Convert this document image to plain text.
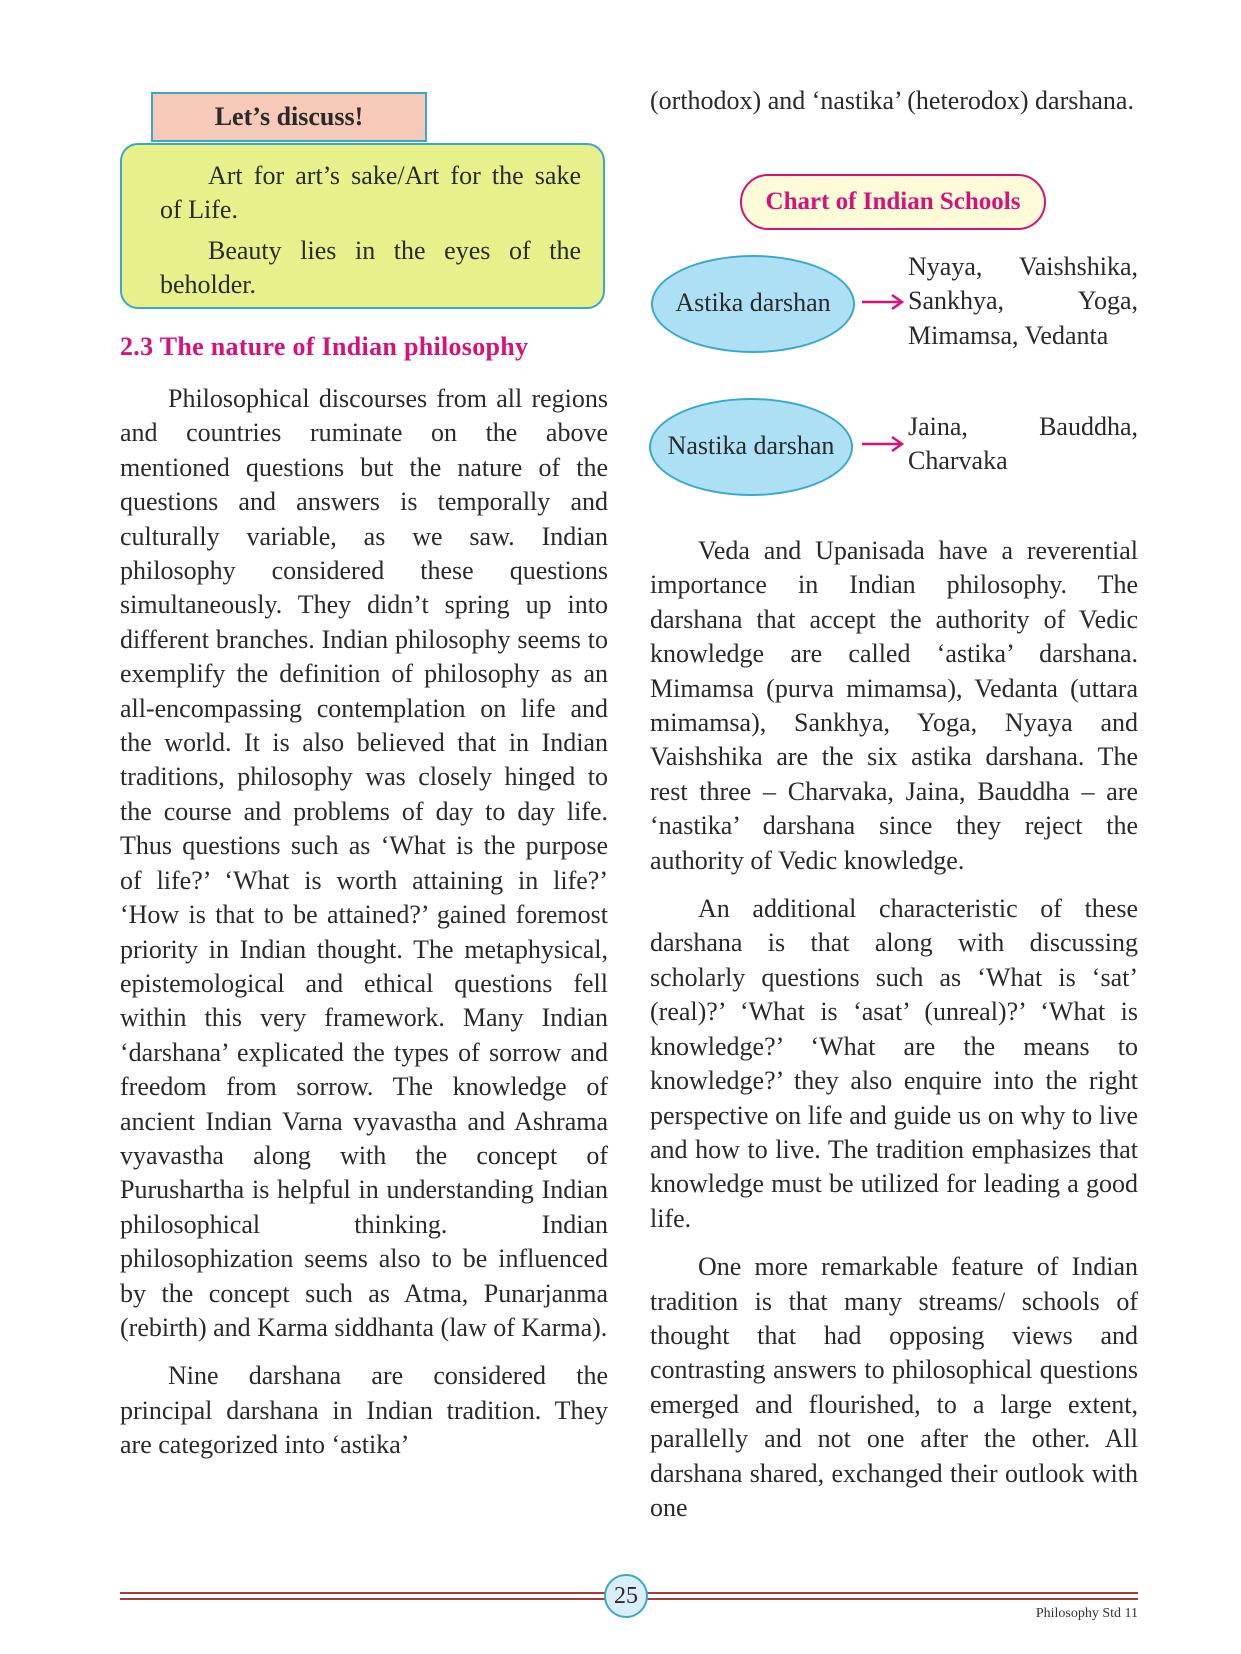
Art for art’s sake/Art for the sake of Life.

Beauty lies in the eyes of the beholder.

Let’s discuss!
2.3 The nature of Indian philosophy

Philosophical discourses from all regions and countries ruminate on the above mentioned questions but the nature of the questions and answers is temporally and culturally variable, as we saw. Indian philosophy considered these questions simultaneously. They didn’t spring up into different branches. Indian philosophy seems to exemplify the definition of philosophy as an all-encompassing contemplation on life and the world. It is also believed that in Indian traditions, philosophy was closely hinged to the course and problems of day to day life. Thus questions such as ‘What is the purpose of life?’ ‘What is worth attaining in life?’ ‘How is that to be attained?’ gained foremost priority in Indian thought. The metaphysical, epistemological and ethical questions fell within this very framework. Many Indian ‘darshana’ explicated the types of sorrow and freedom from sorrow. The knowledge of ancient Indian Varna vyavastha and Ashrama vyavastha along with the concept of Purushartha is helpful in understanding Indian philosophical thinking. Indian philosophization seems also to be influenced by the concept such as Atma, Punarjanma (rebirth) and Karma siddhanta (law of Karma).

Nine darshana are considered the principal darshana in Indian tradition. They are categorized into ‘astika’

(orthodox) and ‘nastika’ (heterodox) darshana.

Chart of Indian Schools
Astika darshan
Nyaya, Vaishshika,
Sankhya,	Yoga,
Mimamsa, Vedanta
Nastika darshan
Jaina,	Bauddha,
Charvaka

Veda and Upanisada have a reverential importance in Indian philosophy. The darshana that accept the authority of Vedic knowledge are called ‘astika’ darshana. Mimamsa (purva mimamsa), Vedanta (uttara mimamsa), Sankhya, Yoga, Nyaya and Vaishshika are the six astika darshana. The rest three – Charvaka, Jaina, Bauddha – are ‘nastika’ darshana since they reject the authority of Vedic knowledge.

An additional characteristic of these darshana is that along with discussing scholarly questions such as ‘What is ‘sat’ (real)?’ ‘What is ‘asat’ (unreal)?’ ‘What is knowledge?’ ‘What are the means to knowledge?’ they also enquire into the right perspective on life and guide us on why to live and how to live. The tradition emphasizes that knowledge must be utilized for leading a good life.

One more remarkable feature of Indian tradition is that many streams/ schools of thought that had opposing views and contrasting answers to philosophical questions emerged and flourished, to a large extent, parallelly and not one after the other. All darshana shared, exchanged their outlook with one

25
Philosophy Std 11
